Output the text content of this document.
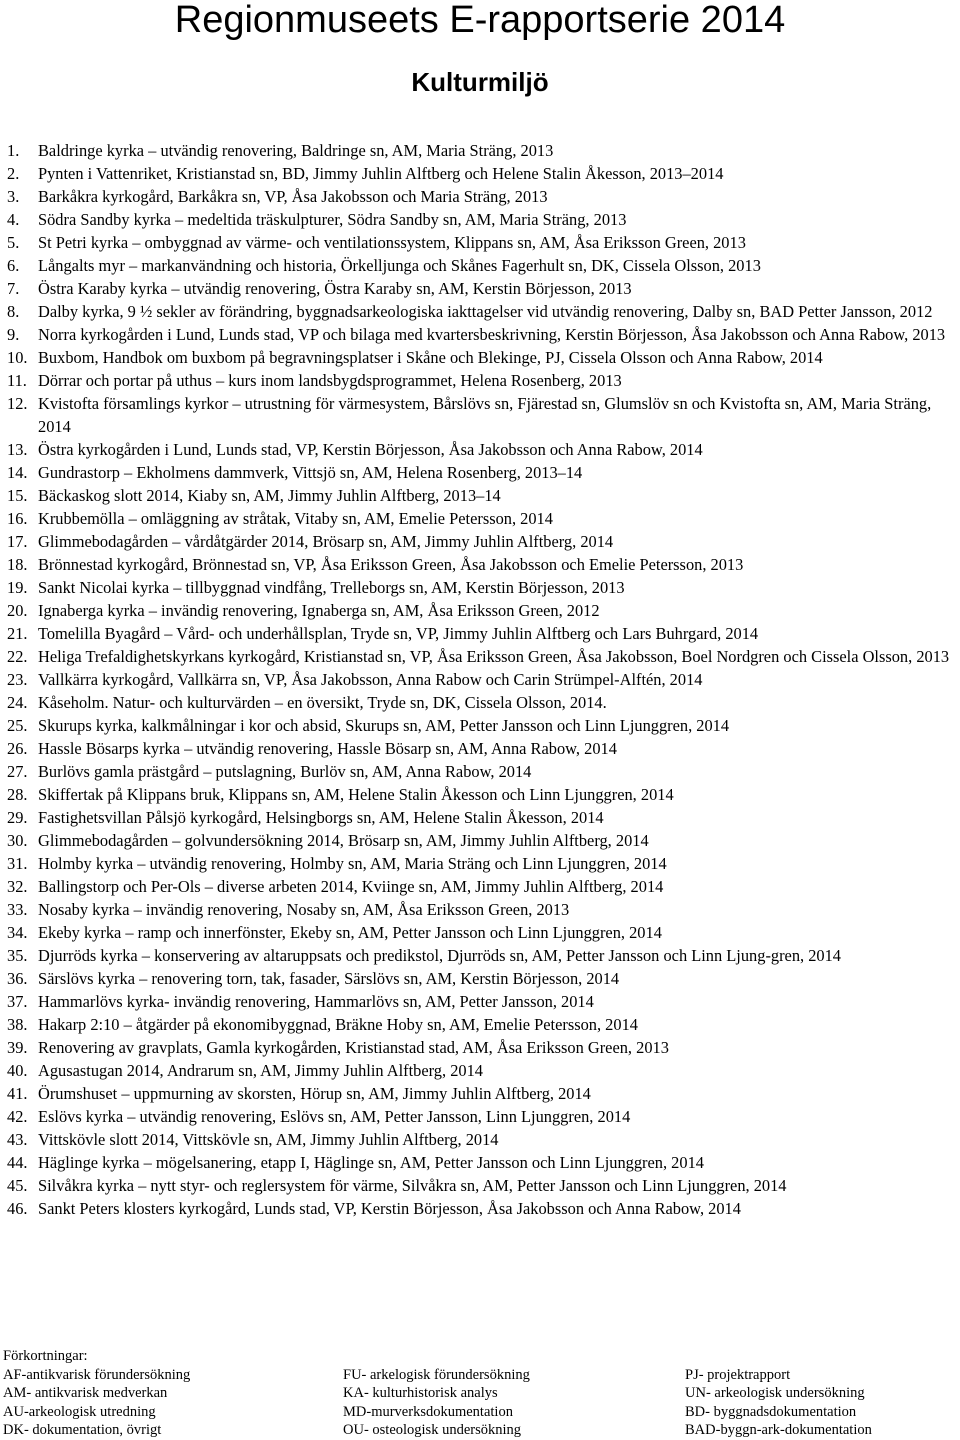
Regionmuseets E-rapportserie 2014
Kulturmiljö
1. Baldringe kyrka – utvändig renovering, Baldringe sn, AM, Maria Sträng, 2013
2. Pynten i Vattenriket, Kristianstad sn, BD, Jimmy Juhlin Alftberg och Helene Stalin Åkesson, 2013–2014
3. Barkåkra kyrkogård, Barkåkra sn, VP, Åsa Jakobsson och Maria Sträng, 2013
4. Södra Sandby kyrka – medeltida träskulpturer, Södra Sandby sn, AM, Maria Sträng, 2013
5. St Petri kyrka – ombyggnad av värme- och ventilationssystem, Klippans sn, AM, Åsa Eriksson Green, 2013
6. Långalts myr – markanvändning och historia, Örkelljunga och Skånes Fagerhult sn, DK, Cissela Olsson, 2013
7. Östra Karaby kyrka – utvändig renovering, Östra Karaby sn, AM, Kerstin Börjesson, 2013
8. Dalby kyrka, 9 ½ sekler av förändring, byggnadsarkeologiska iakttagelser vid utvändig renovering, Dalby sn, BAD Petter Jansson, 2012
9. Norra kyrkogården i Lund, Lunds stad, VP och bilaga med kvartersbeskrivning, Kerstin Börjesson, Åsa Jakobsson och Anna Rabow, 2013
10. Buxbom, Handbok om buxbom på begravningsplatser i Skåne och Blekinge, PJ, Cissela Olsson och Anna Rabow, 2014
11. Dörrar och portar på uthus – kurs inom landsbygdsprogrammet, Helena Rosenberg, 2013
12. Kvistofta församlings kyrkor – utrustning för värmesystem, Bårslövs sn, Fjärestad sn, Glumslöv sn och Kvistofta sn, AM, Maria Sträng, 2014
13. Östra kyrkogården i Lund, Lunds stad, VP, Kerstin Börjesson, Åsa Jakobsson och Anna Rabow, 2014
14. Gundrastorp – Ekholmens dammverk, Vittsjö sn, AM, Helena Rosenberg, 2013–14
15. Bäckaskog slott 2014, Kiaby sn, AM, Jimmy Juhlin Alftberg, 2013–14
16. Krubbemölla – omläggning av stråtak, Vitaby sn, AM, Emelie Petersson, 2014
17. Glimmebodagården – vårdåtgärder 2014, Brösarp sn, AM, Jimmy Juhlin Alftberg, 2014
18. Brönnestad kyrkogård, Brönnestad sn, VP, Åsa Eriksson Green, Åsa Jakobsson och Emelie Petersson, 2013
19. Sankt Nicolai kyrka – tillbyggnad vindfång, Trelleborgs sn, AM, Kerstin Börjesson, 2013
20. Ignaberga kyrka – invändig renovering, Ignaberga sn, AM, Åsa Eriksson Green, 2012
21. Tomelilla Byagård – Vård- och underhållsplan, Tryde sn, VP, Jimmy Juhlin Alftberg och Lars Buhrgard, 2014
22. Heliga Trefaldighetskyrkans kyrkogård, Kristianstad sn, VP, Åsa Eriksson Green, Åsa Jakobsson, Boel Nordgren och Cissela Olsson, 2013
23. Vallkärra kyrkogård, Vallkärra sn, VP, Åsa Jakobsson, Anna Rabow och Carin Strümpel-Alftén, 2014
24. Kåseholm. Natur- och kulturvärden – en översikt, Tryde sn, DK, Cissela Olsson, 2014.
25. Skurups kyrka, kalkmålningar i kor och absid, Skurups sn, AM, Petter Jansson och Linn Ljunggren, 2014
26. Hassle Bösarps kyrka – utvändig renovering, Hassle Bösarp sn, AM, Anna Rabow, 2014
27. Burlövs gamla prästgård – putslagning, Burlöv sn, AM, Anna Rabow, 2014
28. Skiffertak på Klippans bruk, Klippans sn, AM, Helene Stalin Åkesson och Linn Ljunggren, 2014
29. Fastighetsvillan Pålsjö kyrkogård, Helsingborgs sn, AM, Helene Stalin Åkesson, 2014
30. Glimmebodagården – golvundersökning 2014, Brösarp sn, AM, Jimmy Juhlin Alftberg, 2014
31. Holmby kyrka – utvändig renovering, Holmby sn, AM, Maria Sträng och Linn Ljunggren, 2014
32. Ballingstorp och Per-Ols – diverse arbeten 2014, Kviinge sn, AM, Jimmy Juhlin Alftberg, 2014
33. Nosaby kyrka – invändig renovering, Nosaby sn, AM, Åsa Eriksson Green, 2013
34. Ekeby kyrka – ramp och innerfönster, Ekeby sn, AM, Petter Jansson och Linn Ljunggren, 2014
35. Djurröds kyrka – konservering av altaruppsats och predikstol, Djurröds sn, AM, Petter Jansson och Linn Ljung-gren, 2014
36. Särslövs kyrka – renovering torn, tak, fasader, Särslövs sn, AM, Kerstin Börjesson, 2014
37. Hammarlövs kyrka- invändig renovering, Hammarlövs sn, AM, Petter Jansson, 2014
38. Hakarp 2:10 – åtgärder på ekonomibyggnad, Bräkne Hoby sn, AM, Emelie Petersson, 2014
39. Renovering av gravplats, Gamla kyrkogården, Kristianstad stad, AM, Åsa Eriksson Green, 2013
40. Agusastugan 2014, Andrarum sn, AM, Jimmy Juhlin Alftberg, 2014
41. Örumshuset – uppmurning av skorsten, Hörup sn, AM, Jimmy Juhlin Alftberg, 2014
42. Eslövs kyrka – utvändig renovering, Eslövs sn, AM, Petter Jansson, Linn Ljunggren, 2014
43. Vittskövle slott 2014, Vittskövle sn, AM, Jimmy Juhlin Alftberg, 2014
44. Häglinge kyrka – mögelsanering, etapp I, Häglinge sn, AM, Petter Jansson och Linn Ljunggren, 2014
45. Silvåkra kyrka – nytt styr- och reglersystem för värme, Silvåkra sn, AM, Petter Jansson och Linn Ljunggren, 2014
46. Sankt Peters klosters kyrkogård, Lunds stad, VP, Kerstin Börjesson, Åsa Jakobsson och Anna Rabow, 2014
Förkortningar:
AF-antikvarisk förundersökning	FU- arkelogisk förundersökning	PJ- projektrapport
AM- antikvarisk medverkan	KA- kulturhistorisk analys	UN- arkeologisk undersökning
AU-arkeologisk utredning	MD-murverksdokumentation	BD- byggnadsdokumentation
DK- dokumentation, övrigt	OU- osteologisk undersökning	BAD-byggn-ark-dokumentation
